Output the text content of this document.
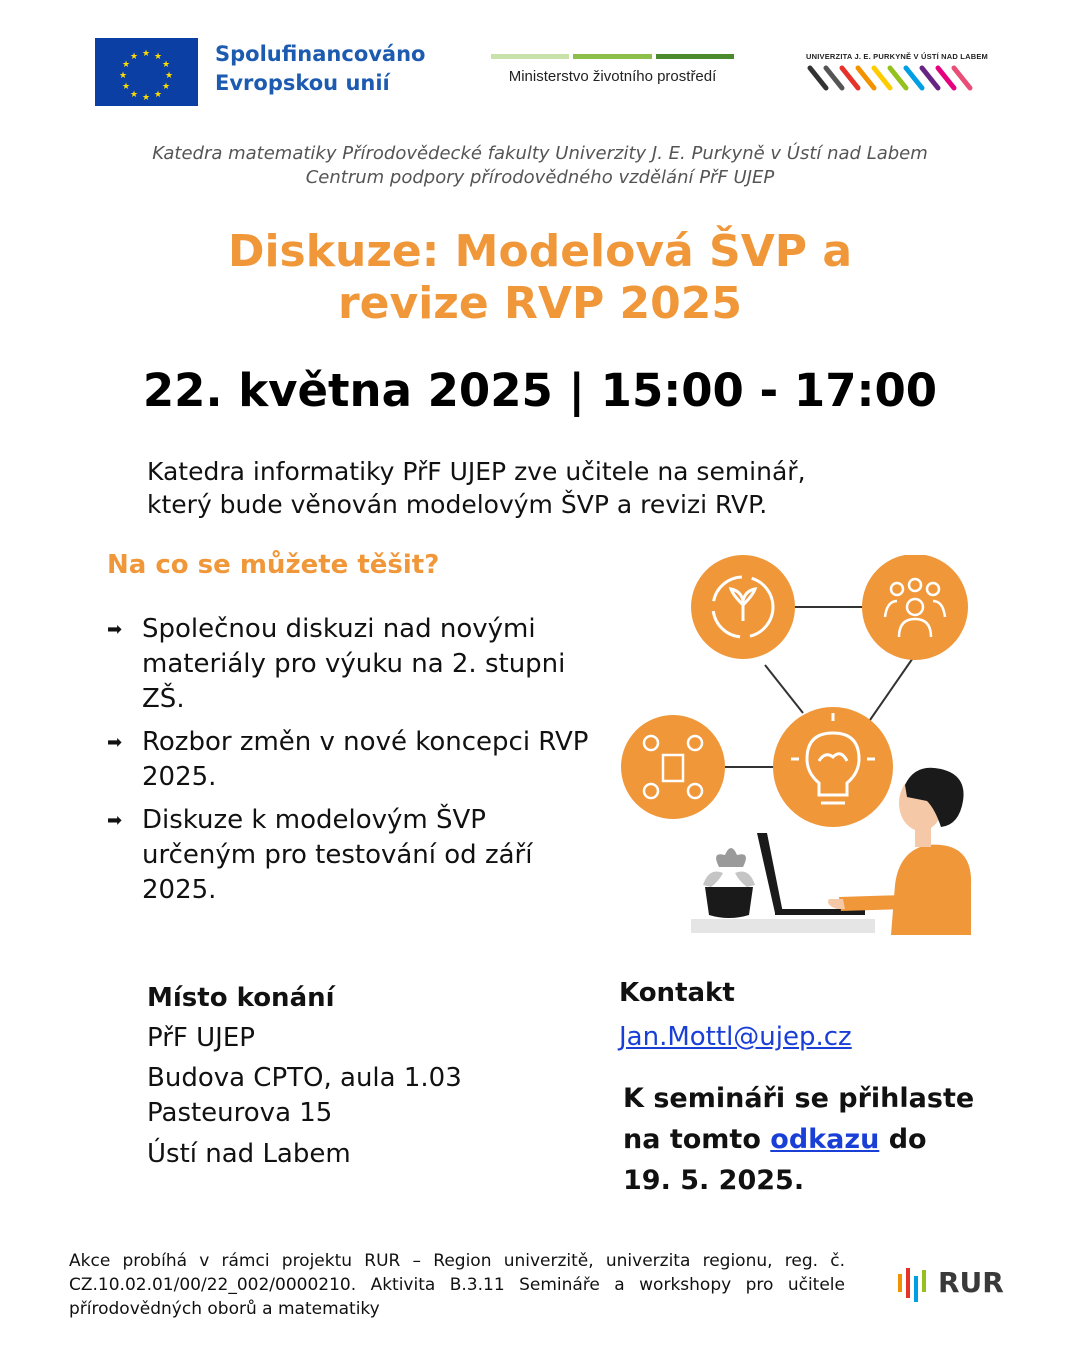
★ ★
★
★
★
★
★
★
★
★
★
★	Spolufinancováno
Evropskou unií	Ministerstvo životního prostředí
UNIVERZITA J. E. PURKYNĚ V ÚSTÍ NAD LABEM
Katedra matematiky Přírodovědecké fakulty Univerzity J. E. Purkyně v Ústí nad Labem
Centrum podpory přírodovědného vzdělání PřF UJEP
Diskuze: Modelová ŠVP a
revize RVP 2025
22. května 2025 | 15:00 - 17:00
Katedra informatiky PřF UJEP zve učitele na seminář,
který bude věnován modelovým ŠVP a revizi RVP.
Na co se můžete těšit?
➡ Společnou diskuzi nad novými materiály pro výuku na 2. stupni ZŠ.
➡ Rozbor změn v nové koncepci RVP 2025.
➡ Diskuze k modelovým ŠVP určeným pro testování od září 2025.
Místo konání
PřF UJEP
Budova CPTO, aula 1.03
Pasteurova 15
Ústí nad Labem
Kontakt
Jan.Mottl@ujep.cz
K semináři se přihlaste
na tomto odkazu do
19. 5. 2025.
Akce probíhá v rámci projektu RUR – Region univerzitě, univerzita regionu, reg. č. CZ.10.02.01/00/22_002/0000210. Aktivita B.3.11 Semináře a workshopy pro učitele přírodovědných oborů a matematiky
RUR
